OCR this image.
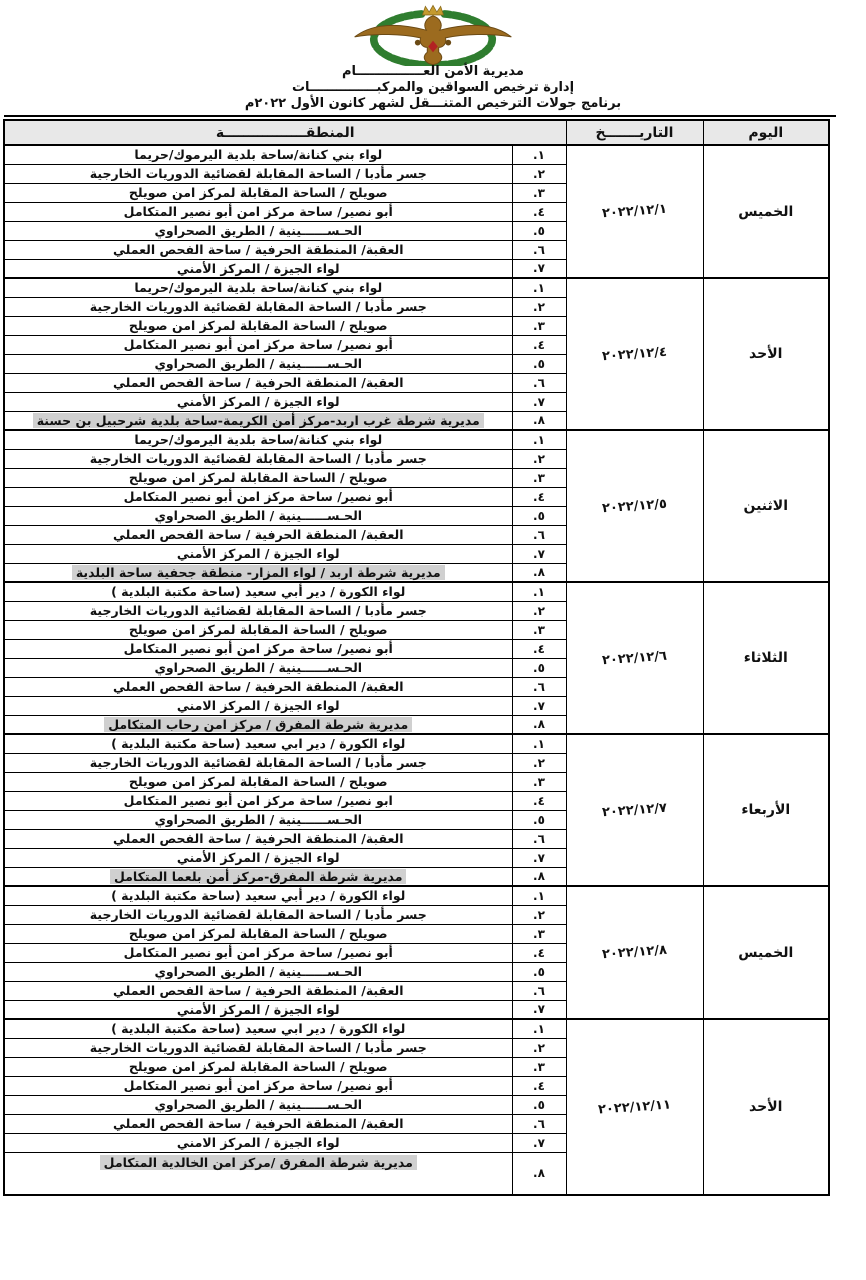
مديرية الأمن العـــــــــــــــام
إدارة ترخيص السواقين والمركبـــــــــــــــات
برنامج جولات الترخيص المتنـــقل لشهر كانون الأول ٢٠٢٢م
اليوم	التاريـــــــخ	المنطقـــــــــــــــــة	
الخميس	٢٠٢٢/١٢/١	١.	لواء بني كنانة/ساحة بلدية اليرموك/حريما
		٢.	جسر مأدبا / الساحة المقابلة لقضائية الدوريات الخارجية
		٣.	صويلح / الساحة المقابلة لمركز امن صويلح
		٤.	أبو نصير/ ساحة مركز امن أبو نصير المتكامل
		٥.	الحـســــــينية / الطريق الصحراوي
		٦.	العقبة/ المنطقة الحرفية / ساحة الفحص العملي
		٧.	لواء الجيزة / المركز الأمني
الأحد	٢٠٢٢/١٢/٤	١.	لواء بني كنانة/ساحة بلدية اليرموك/حريما
		٢.	جسر مأدبا / الساحة المقابلة لقضائية الدوريات الخارجية
		٣.	صويلح / الساحة المقابلة لمركز امن صويلح
		٤.	أبو نصير/ ساحة مركز امن أبو نصير المتكامل
		٥.	الحـســــــينية / الطريق الصحراوي
		٦.	العقبة/ المنطقة الحرفية / ساحة الفحص العملي
		٧.	لواء الجيزة / المركز الأمني
		٨.	مديرية شرطة غرب اربد-مركز أمن الكريمة-ساحة بلدية شرحبيل بن حسنة
الاثنين	٢٠٢٢/١٢/٥	١.	لواء بني كنانة/ساحة بلدية اليرموك/حريما
		٢.	جسر مأدبا / الساحة المقابلة لقضائية الدوريات الخارجية
		٣.	صويلح / الساحة المقابلة لمركز امن صويلح
		٤.	أبو نصير/ ساحة مركز امن أبو نصير المتكامل
		٥.	الحـســــــينية / الطريق الصحراوي
		٦.	العقبة/ المنطقة الحرفية / ساحة الفحص العملي
		٧.	لواء الجيزة / المركز الأمني
		٨.	مديرية شرطة اربد / لواء المزار- منطقة جحفية ساحة البلدية
الثلاثاء	٢٠٢٢/١٢/٦	١.	لواء الكورة / دير أبي سعيد (ساحة مكتبة البلدية )
		٢.	جسر مأدبا / الساحة المقابلة لقضائية الدوريات الخارجية
		٣.	صويلح / الساحة المقابلة لمركز امن صويلح
		٤.	أبو نصير/ ساحة مركز امن أبو نصير المتكامل
		٥.	الحـســــــينية / الطريق الصحراوي
		٦.	العقبة/ المنطقة الحرفية / ساحة الفحص العملي
		٧.	لواء الجيزة / المركز الامني
		٨.	مديرية شرطة المفرق / مركز امن رحاب المتكامل
الأربعاء	٢٠٢٢/١٢/٧	١.	لواء الكورة / دير ابي سعيد (ساحة مكتبة البلدية )
		٢.	جسر مأدبا / الساحة المقابلة لقضائية الدوريات الخارجية
		٣.	صويلح / الساحة المقابلة لمركز امن صويلح
		٤.	ابو نصير/ ساحة مركز امن أبو نصير المتكامل
		٥.	الحـســــــينية / الطريق الصحراوي
		٦.	العقبة/ المنطقة الحرفية / ساحة الفحص العملي
		٧.	لواء الجيزة / المركز الأمني
		٨.	مديرية شرطة المفرق-مركز أمن بلعما المتكامل
الخميس	٢٠٢٢/١٢/٨	١.	لواء الكورة / دير أبي سعيد (ساحة مكتبة البلدية )
		٢.	جسر مأدبا / الساحة المقابلة لقضائية الدوريات الخارجية
		٣.	صويلح / الساحة المقابلة لمركز امن صويلح
		٤.	أبو نصير/ ساحة مركز امن أبو نصير المتكامل
		٥.	الحـســــــينية / الطريق الصحراوي
		٦.	العقبة/ المنطقة الحرفية / ساحة الفحص العملي
		٧.	لواء الجيزة / المركز الأمني
الأحد	٢٠٢٢/١٢/١١	١.	لواء الكورة / دير ابي سعيد (ساحة مكتبة البلدية )
		٢.	جسر مأدبا / الساحة المقابلة لقضائية الدوريات الخارجية
		٣.	صويلح / الساحة المقابلة لمركز امن صويلح
		٤.	أبو نصير/ ساحة مركز امن أبو نصير المتكامل
		٥.	الحـســــــينية / الطريق الصحراوي
		٦.	العقبة/ المنطقة الحرفية / ساحة الفحص العملي
		٧.	لواء الجيزة / المركز الامني
		٨.	مديرية شرطة المفرق /مركز امن الخالدية المتكامل
